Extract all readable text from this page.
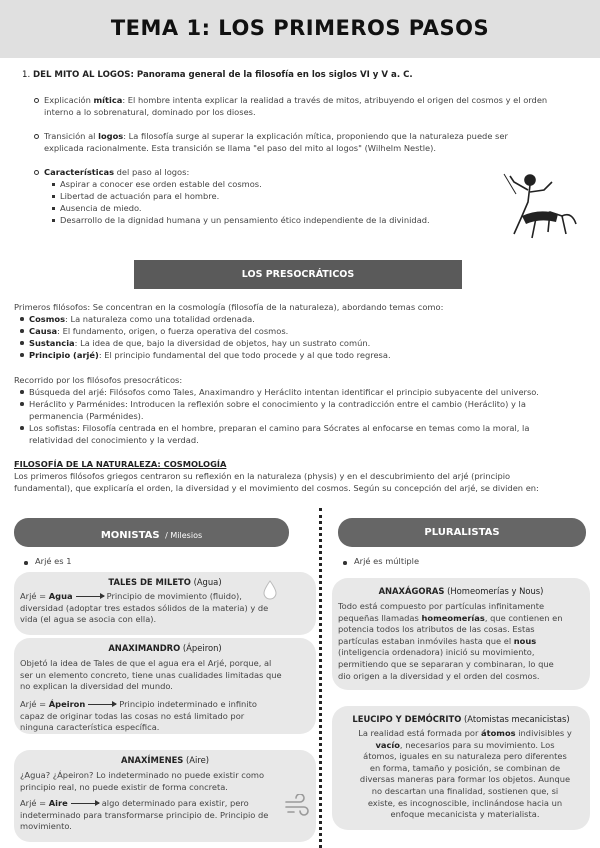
TEMA 1: LOS PRIMEROS PASOS
1. DEL MITO AL LOGOS: Panorama general de la filosofía en los siglos VI y V a. C.
Explicación mítica: El hombre intenta explicar la realidad a través de mitos, atribuyendo el origen del cosmos y el orden
interno a lo sobrenatural, dominado por los dioses.
Transición al logos: La filosofía surge al superar la explicación mítica, proponiendo que la naturaleza puede ser
explicada racionalmente. Esta transición se llama "el paso del mito al logos" (Wilhelm Nestle).
Características del paso al logos:
Aspirar a conocer ese orden estable del cosmos.
Libertad de actuación para el hombre.
Ausencia de miedo.
Desarrollo de la dignidad humana y un pensamiento ético independiente de la divinidad.
LOS PRESOCRÁTICOS
Primeros filósofos: Se concentran en la cosmología (filosofía de la naturaleza), abordando temas como:
Cosmos: La naturaleza como una totalidad ordenada.
Causa: El fundamento, origen, o fuerza operativa del cosmos.
Sustancia: La idea de que, bajo la diversidad de objetos, hay un sustrato común.
Principio (arjé): El principio fundamental del que todo procede y al que todo regresa.
Recorrido por los filósofos presocráticos:
Búsqueda del arjé: Filósofos como Tales, Anaximandro y Heráclito intentan identificar el principio subyacente del universo.
Heráclito y Parménides: Introducen la reflexión sobre el conocimiento y la contradicción entre el cambio (Heráclito) y la
permanencia (Parménides).
Los sofistas: Filosofía centrada en el hombre, preparan el camino para Sócrates al enfocarse en temas como la moral, la
relatividad del conocimiento y la verdad.
FILOSOFÍA DE LA NATURALEZA: COSMOLOGÍA
Los primeros filósofos griegos centraron su reflexión en la naturaleza (physis) y en el descubrimiento del arjé (principio
fundamental), que explicaría el orden, la diversidad y el movimiento del cosmos. Según su concepción del arjé, se dividen en:
MONISTAS / Milesios
Arjé es 1
TALES DE MILETO (Agua)
Arjé = Agua	Principio de movimiento (fluido),
diversidad (adoptar tres estados sólidos de la materia) y de
vida (el agua se asocia con ella).
ANAXIMANDRO (Ápeiron)
Objetó la idea de Tales de que el agua era el Arjé, porque, al
ser un elemento concreto, tiene unas cualidades limitadas que
no explican la diversidad del mundo.
Arjé = Ápeiron	Principio indeterminado e infinito
capaz de originar todas las cosas no está limitado por
ninguna característica específica.
ANAXÍMENES (Aire)
¿Agua? ¿Ápeiron? Lo indeterminado no puede existir como
principio real, no puede existir de forma concreta.
Arjé = Aire	algo determinado para existir, pero
indeterminado para transformarse principio de. Principio de
movimiento.
PLURALISTAS
Arjé es múltiple
ANAXÁGORAS (Homeomerías y Nous)
Todo está compuesto por partículas infinitamente
pequeñas llamadas homeomerías, que contienen en
potencia todos los atributos de las cosas. Estas
partículas estaban inmóviles hasta que el nous
(inteligencia ordenadora) inició su movimiento,
permitiendo que se separaran y combinaran, lo que
dio origen a la diversidad y el orden del cosmos.
LEUCIPO Y DEMÓCRITO (Atomistas mecanicistas)
La realidad está formada por átomos indivisibles y
vacío, necesarios para su movimiento. Los
átomos, iguales en su naturaleza pero diferentes
en forma, tamaño y posición, se combinan de
diversas maneras para formar los objetos. Aunque
no descartan una finalidad, sostienen que, si
existe, es incognoscible, inclinándose hacia un
enfoque mecanicista y materialista.
